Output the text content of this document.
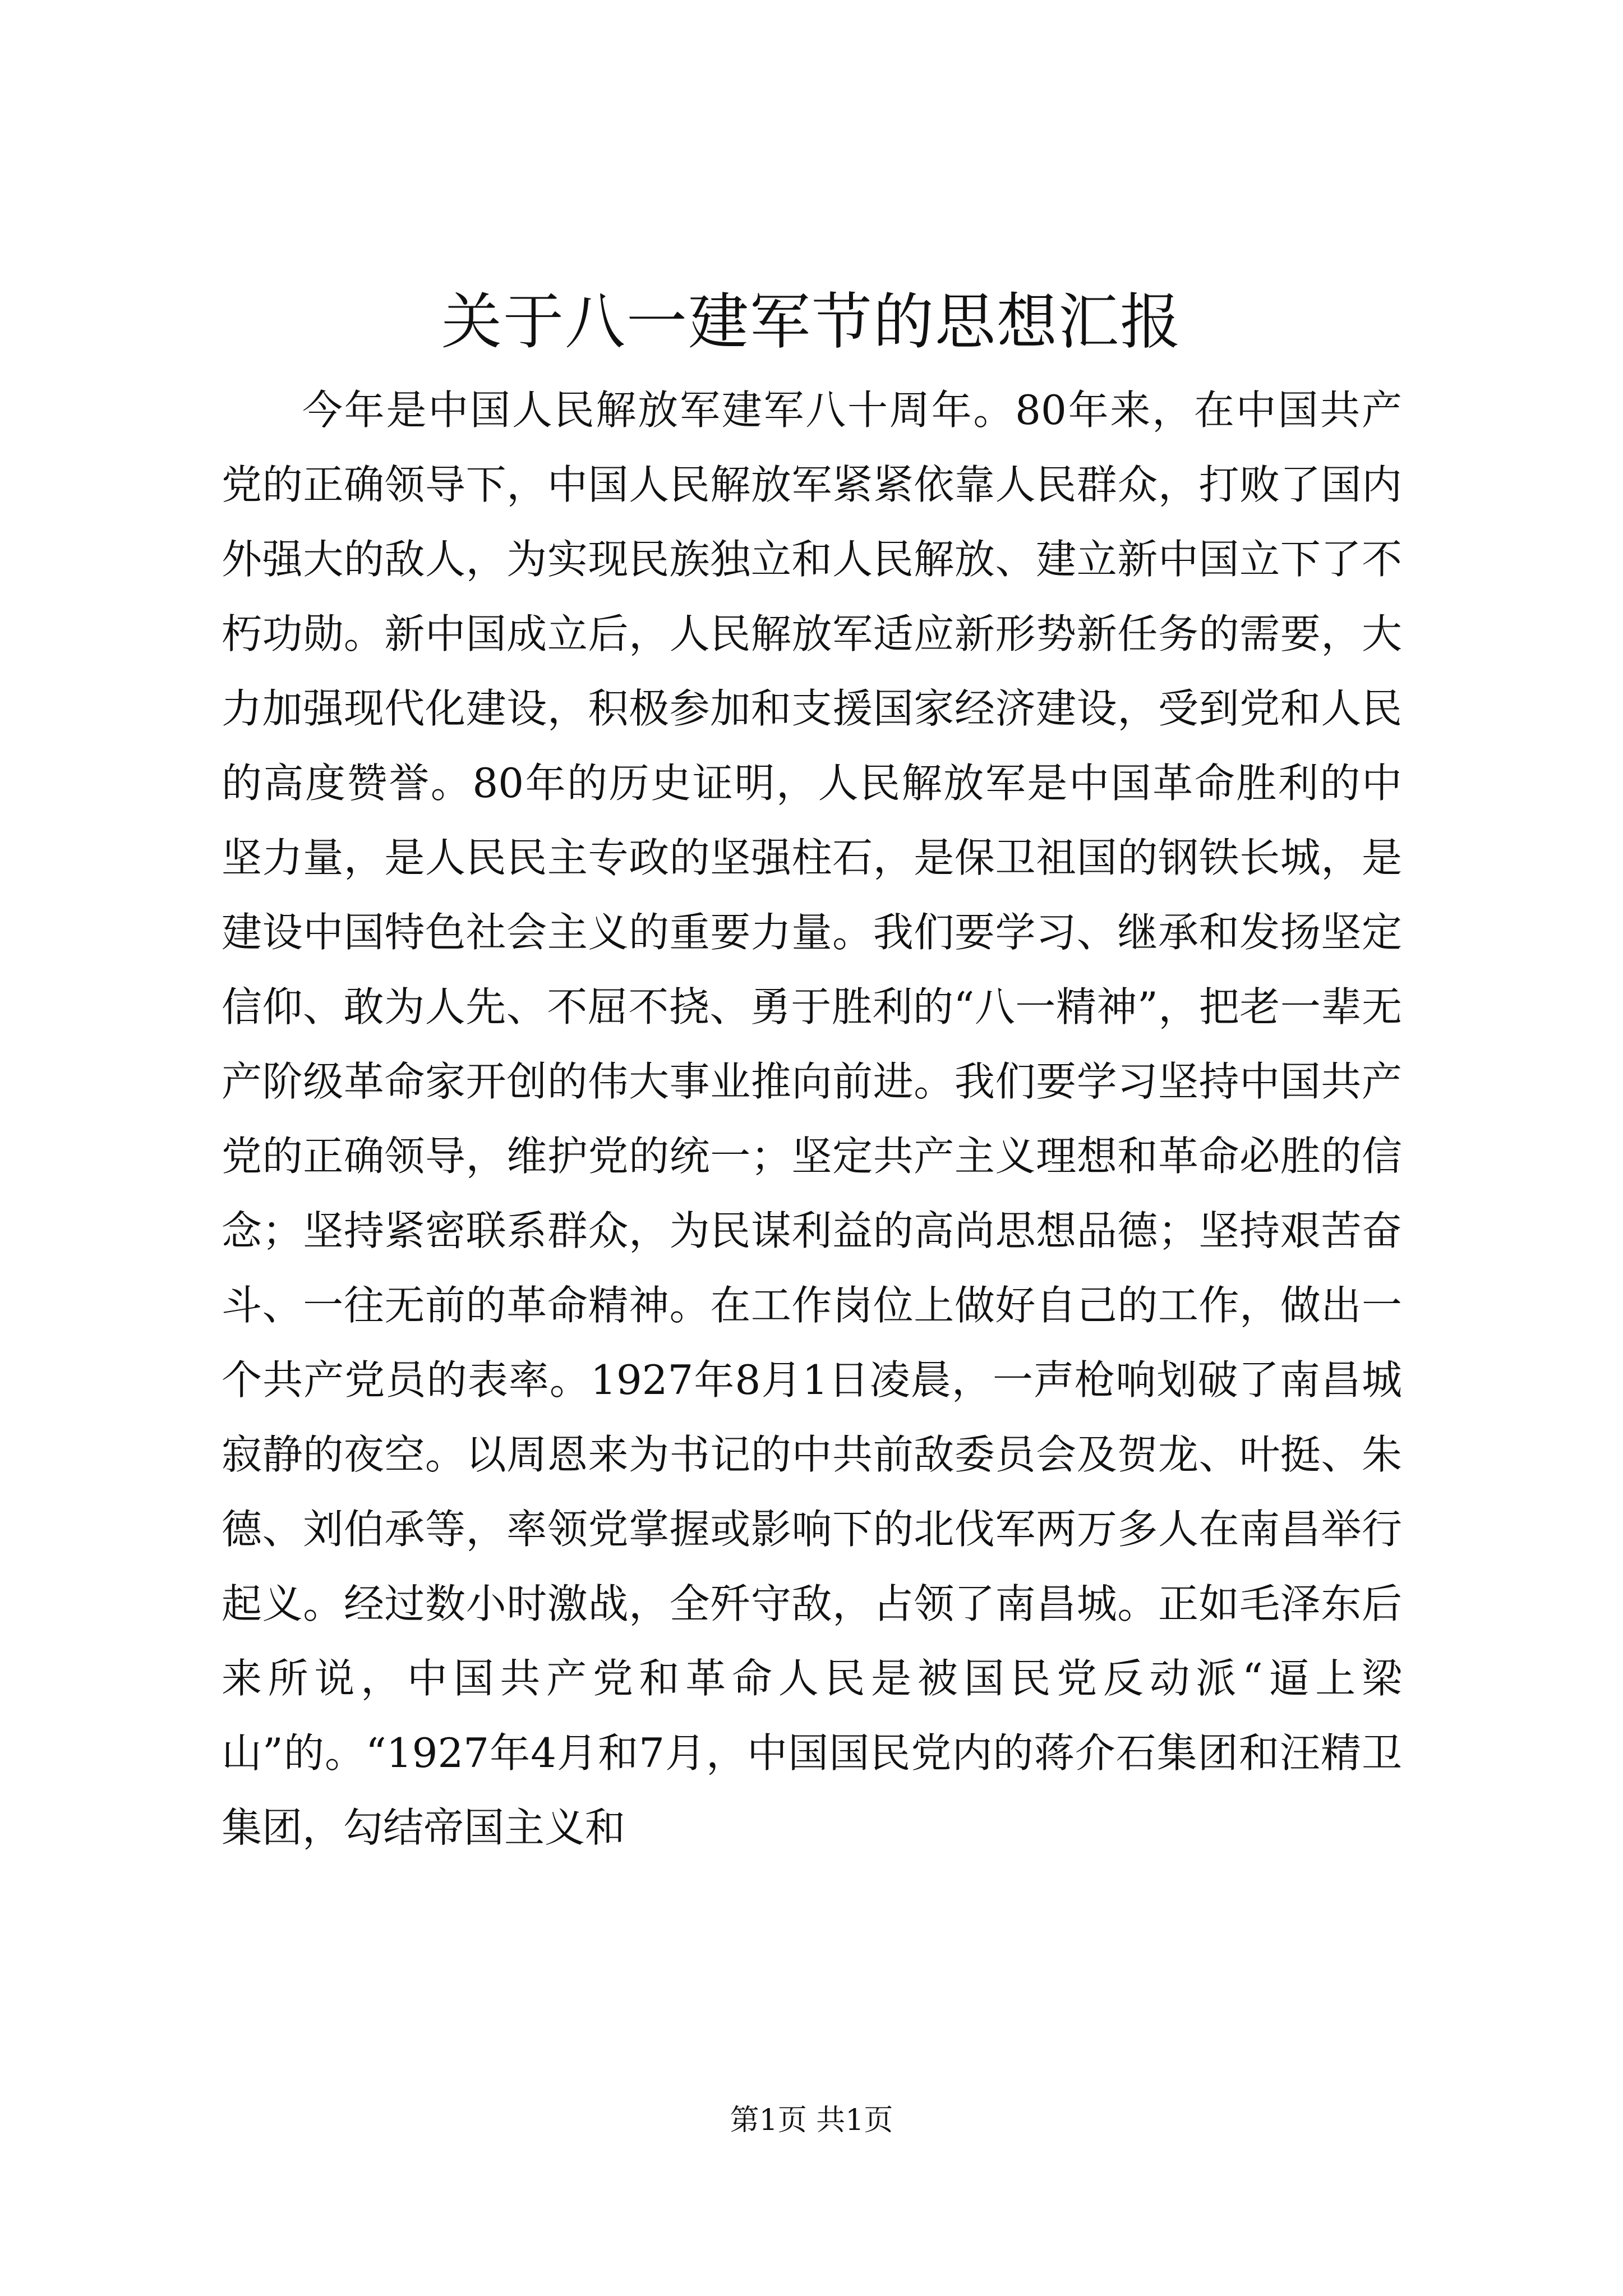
关于八一建军节的思想汇报

今年是中国人民解放军建军八十周年。80年来，在中国共产党的正确领导下，中国人民解放军紧紧依靠人民群众，打败了国内外强大的敌人，为实现民族独立和人民解放、建立新中国立下了不朽功勋。新中国成立后，人民解放军适应新形势新任务的需要，大力加强现代化建设，积极参加和支援国家经济建设，受到党和人民的高度赞誉。80年的历史证明，人民解放军是中国革命胜利的中坚力量，是人民民主专政的坚强柱石，是保卫祖国的钢铁长城，是建设中国特色社会主义的重要力量。我们要学习、继承和发扬坚定信仰、敢为人先、不屈不挠、勇于胜利的“八一精神”，把老一辈无产阶级革命家开创的伟大事业推向前进。我们要学习坚持中国共产党的正确领导，维护党的统一；坚定共产主义理想和革命必胜的信念；坚持紧密联系群众，为民谋利益的高尚思想品德；坚持艰苦奋斗、一往无前的革命精神。在工作岗位上做好自己的工作，做出一个共产党员的表率。1927年8月1日凌晨，一声枪响划破了南昌城寂静的夜空。以周恩来为书记的中共前敌委员会及贺龙、叶挺、朱德、刘伯承等，率领党掌握或影响下的北伐军两万多人在南昌举行起义。经过数小时激战，全歼守敌，占领了南昌城。正如毛泽东后来所说，中国共产党和革命人民是被国民党反动派“逼上梁山”的。“1927年4月和7月，中国国民党内的蒋介石集团和汪精卫集团，勾结帝国主义和

第1页 共1页
